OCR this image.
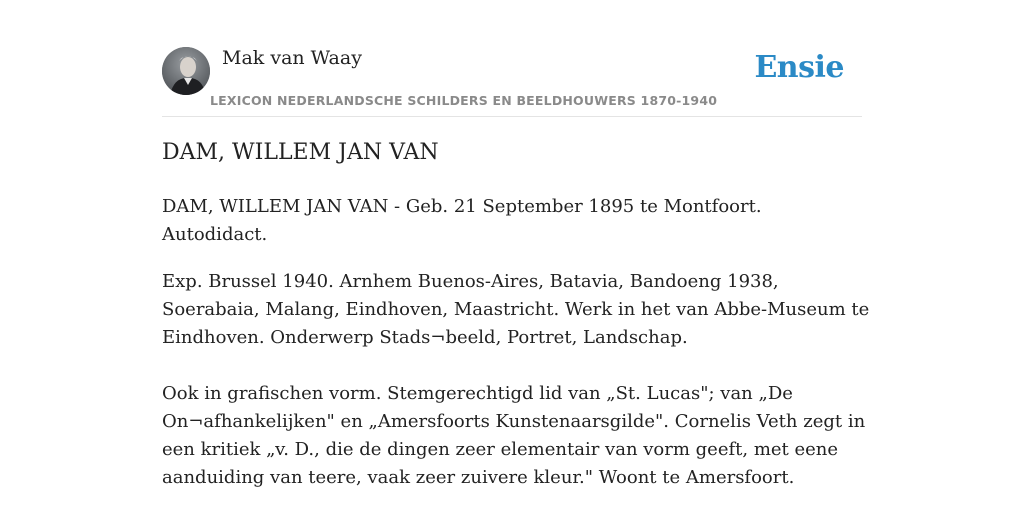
Mak van Waay
LEXICON NEDERLANDSCHE SCHILDERS EN BEELDHOUWERS 1870-1940
Ensie
DAM, WILLEM JAN VAN

DAM, WILLEM JAN VAN - Geb. 21 September 1895 te Montfoort. Autodidact.

Exp. Brussel 1940. Arnhem Buenos-Aires, Batavia, Bandoeng 1938, Soerabaia, Malang, Eindhoven, Maastricht. Werk in het van Abbe-Museum te Eindhoven. Onderwerp Stads¬beeld, Portret, Landschap.

Ook in grafischen vorm. Stemgerechtigd lid van „St. Lucas"; van „De On¬afhankelijken" en „Amersfoorts Kunstenaarsgilde". Cornelis Veth zegt in een kritiek „v. D., die de dingen zeer elementair van vorm geeft, met eene aanduiding van teere, vaak zeer zuivere kleur." Woont te Amersfoort.
